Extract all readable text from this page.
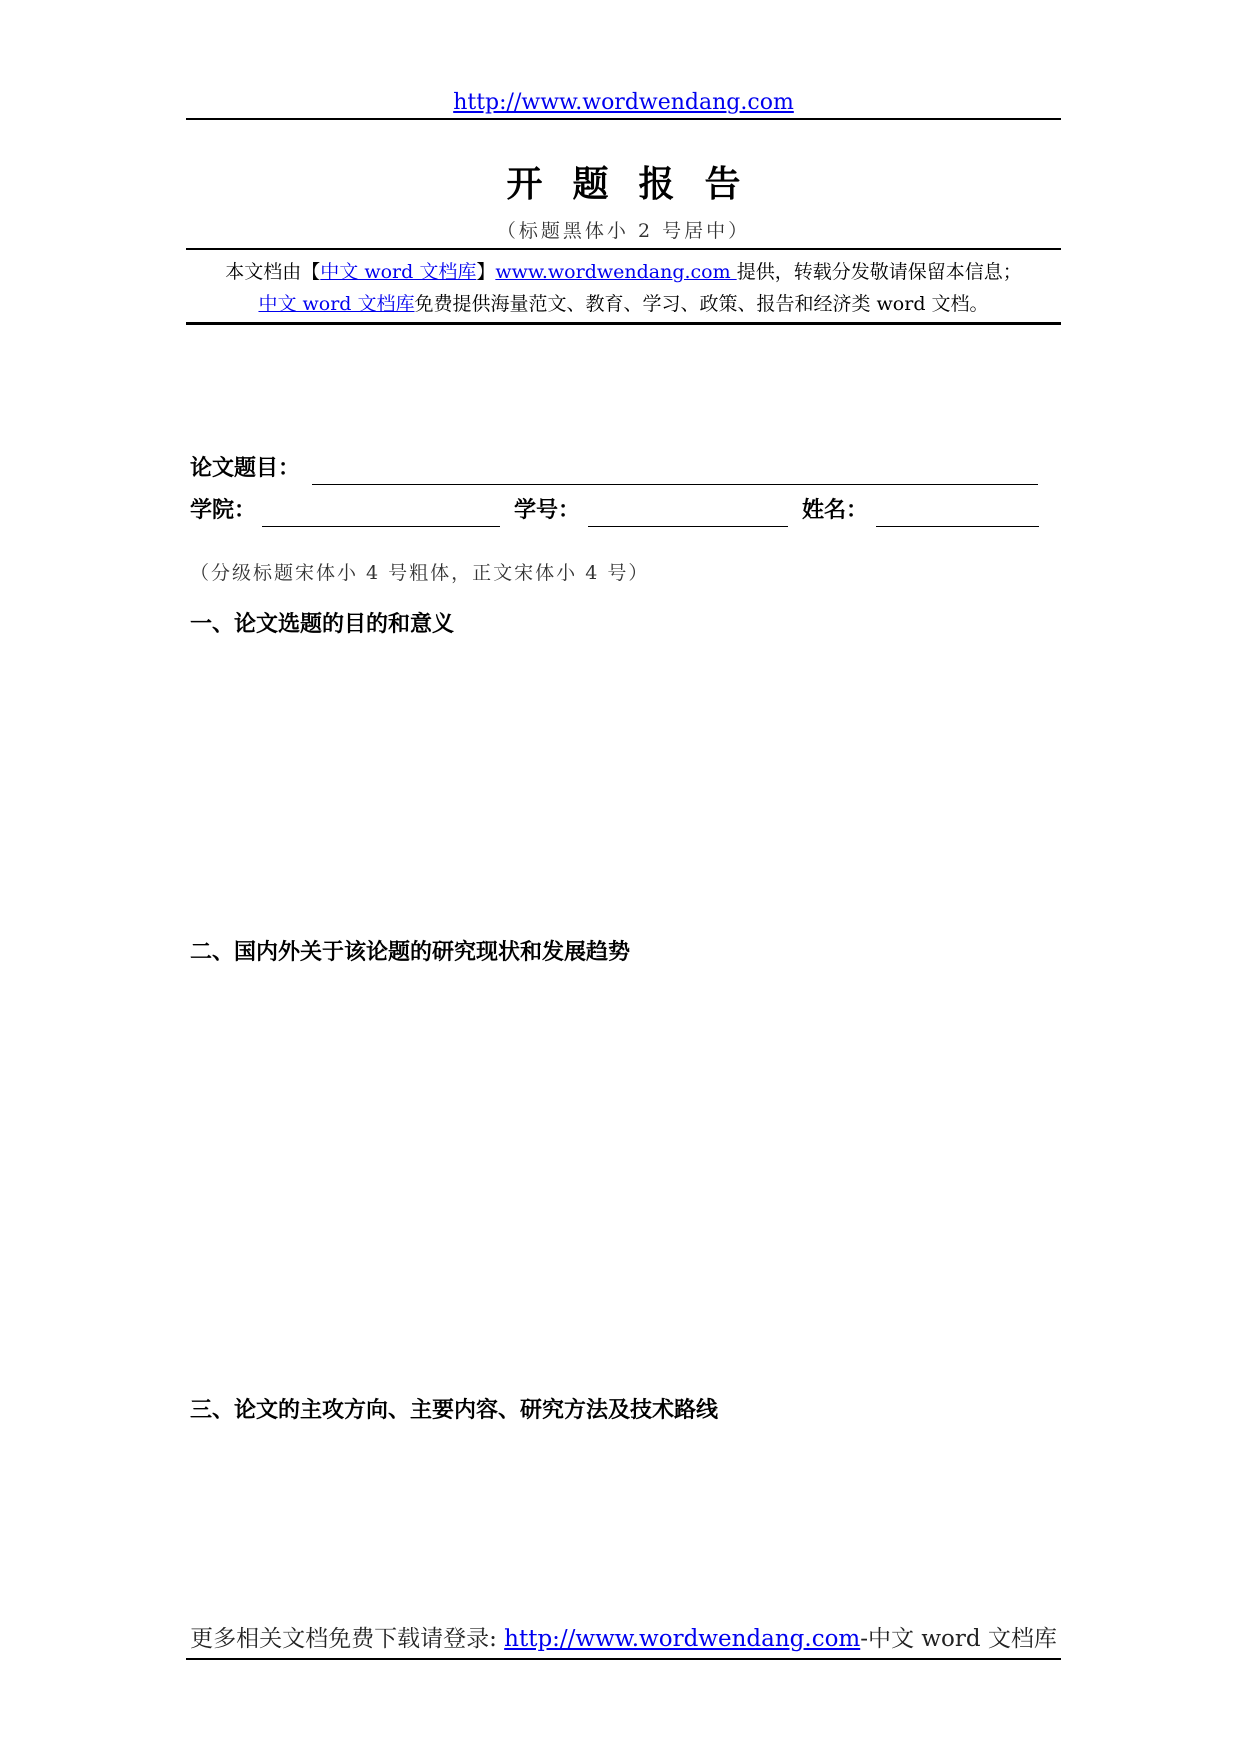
http://www.wordwendang.com
开题报告
（标题黑体小 2 号居中）
本文档由【中文 word 文档库】www.wordwendang.com 提供，转载分发敬请保留本信息；
中文 word 文档库免费提供海量范文、教育、学习、政策、报告和经济类 word 文档。
论文题目：
学院：	学号：	姓名：
（分级标题宋体小 4 号粗体，正文宋体小 4 号）
一、论文选题的目的和意义
二、国内外关于该论题的研究现状和发展趋势
三、论文的主攻方向、主要内容、研究方法及技术路线
更多相关文档免费下载请登录: http://www.wordwendang.com-中文 word 文档库
